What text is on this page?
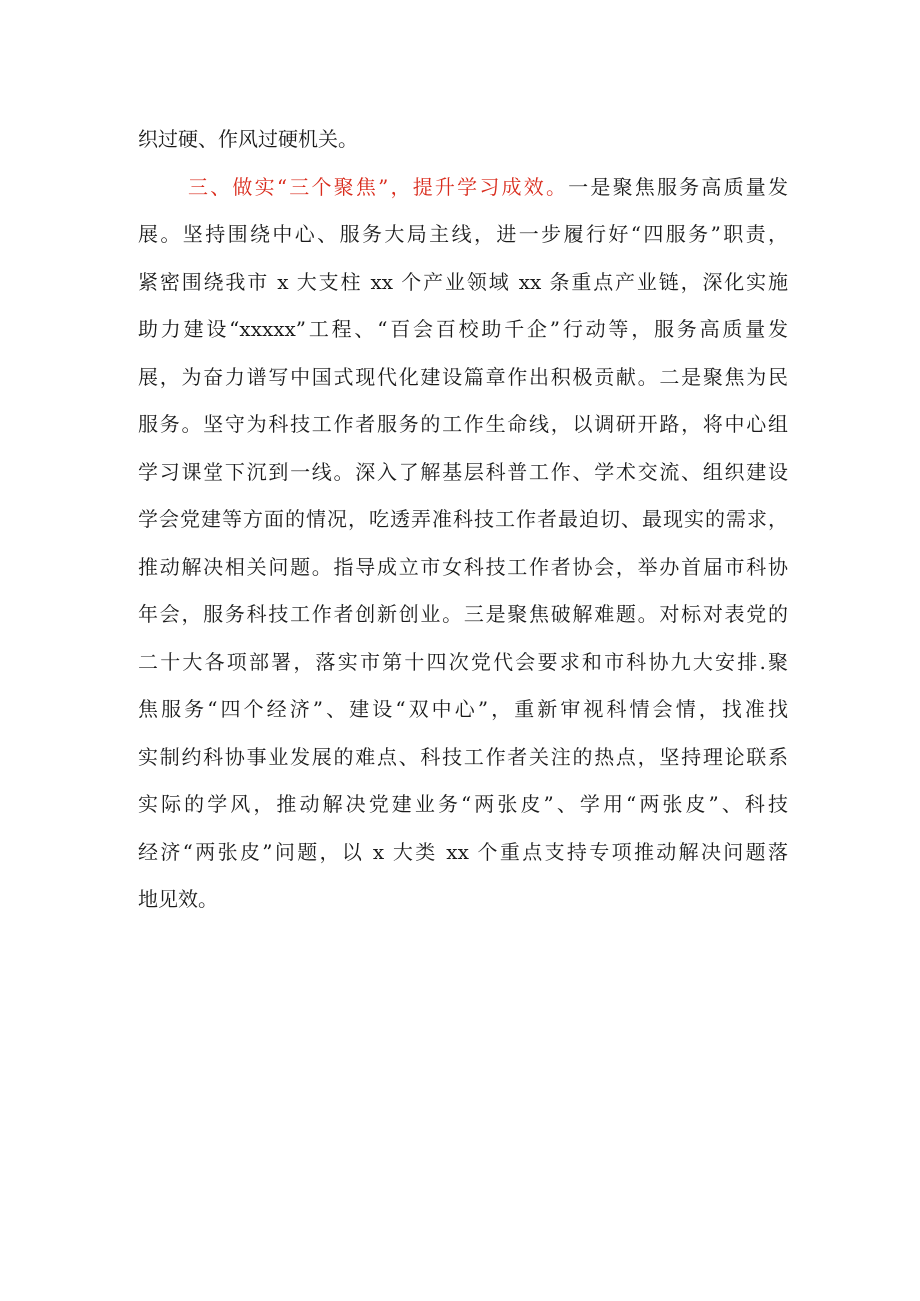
织过硬、作风过硬机关。
三、做实“三个聚焦”，提升学习成效。一是聚焦服务高质量发
展。坚持围绕中心、服务大局主线，进一步履行好“四服务”职责，
紧密围绕我市 x 大支柱 xx 个产业领域 xx 条重点产业链，深化实施
助力建设“xxxxx”工程、“百会百校助千企”行动等，服务高质量发
展，为奋力谱写中国式现代化建设篇章作出积极贡献。二是聚焦为民
服务。坚守为科技工作者服务的工作生命线，以调研开路，将中心组
学习课堂下沉到一线。深入了解基层科普工作、学术交流、组织建设
学会党建等方面的情况，吃透弄准科技工作者最迫切、最现实的需求，
推动解决相关问题。指导成立市女科技工作者协会，举办首届市科协
年会，服务科技工作者创新创业。三是聚焦破解难题。对标对表党的
二十大各项部署，落实市第十四次党代会要求和市科协九大安排.聚
焦服务“四个经济”、建设“双中心”，重新审视科情会情，找准找
实制约科协事业发展的难点、科技工作者关注的热点，坚持理论联系
实际的学风，推动解决党建业务“两张皮”、学用“两张皮”、科技
经济“两张皮”问题，以 x 大类 xx 个重点支持专项推动解决问题落
地见效。
